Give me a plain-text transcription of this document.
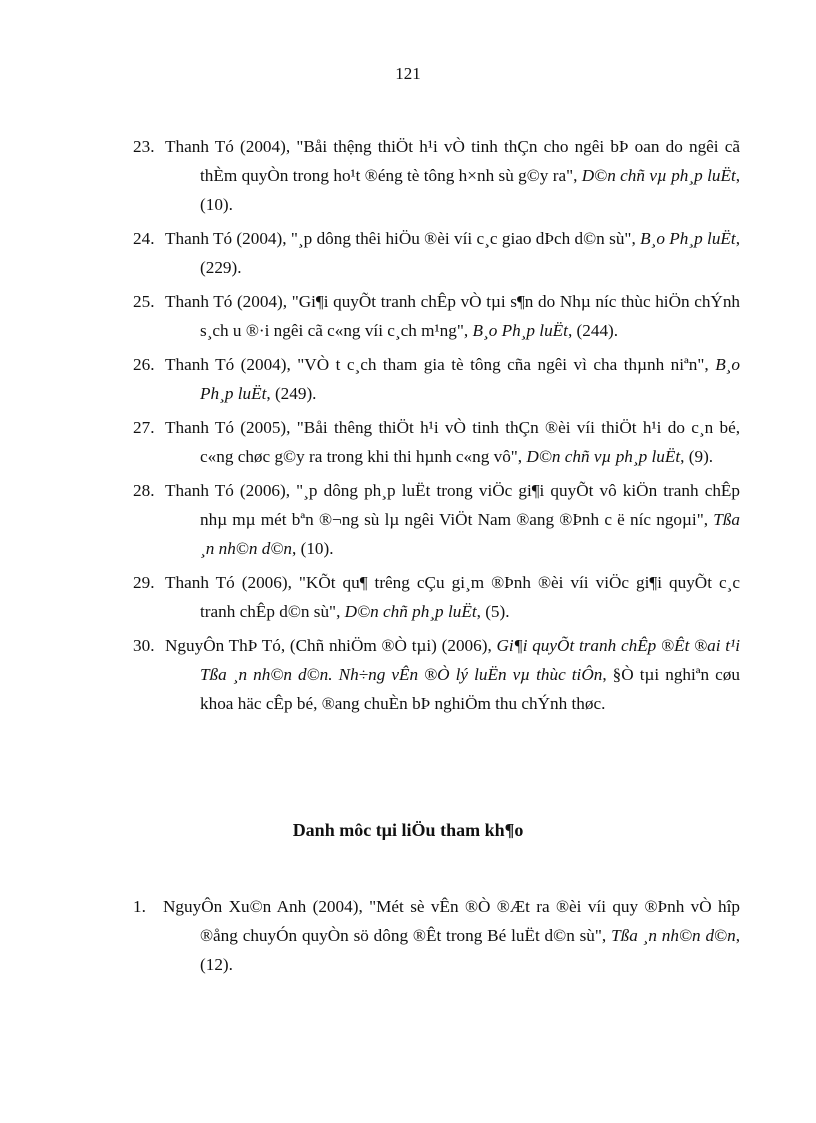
121
23. Thanh Tó (2004), "Båi thệng thiÖt h¹i vÒ tinh thÇn cho ngêi bÞ oan do ngêi cã thÈm quyÒn trong ho¹t ®éng tè tông h×nh sù g©y ra", D©n chñ vµ ph¸p luËt, (10).
24. Thanh Tó (2004), "¸p dông thêi hiÖu ®èi víi c¸c giao dÞch d©n sù", B¸o Ph¸p luËt, (229).
25. Thanh Tó (2004), "Gi¶i quyÕt tranh chÊp vÒ tµi s¶n do Nhµ níc thùc hiÖn chÝnh s¸ch u ®·i ngêi cã c«ng víi c¸ch m¹ng", B¸o Ph¸p luËt, (244).
26. Thanh Tó (2004), "VÒ t c¸ch tham gia tè tông cña ngêi vì cha thµnh niªn", B¸o Ph¸p luËt, (249).
27. Thanh Tó (2005), "Båi thêng thiÖt h¹i vÒ tinh thÇn ®èi víi thiÖt h¹i do c¸n bé, c«ng chøc g©y ra trong khi thi hµnh c«ng vô", D©n chñ vµ ph¸p luËt, (9).
28. Thanh Tó (2006), "¸p dông ph¸p luËt trong viÖc gi¶i quyÕt vô kiÖn tranh chÊp nhµ mµ mét bªn ®¬ng sù lµ ngêi ViÖt Nam ®ang ®Þnh c ë níc ngoµi", Tßa ¸n nh©n d©n, (10).
29. Thanh Tó (2006), "KÕt qu¶ trêng cÇu gi¸m ®Þnh ®èi víi viÖc gi¶i quyÕt c¸c tranh chÊp d©n sù", D©n chñ ph¸p luËt, (5).
30. NguyÔn ThÞ Tó, (Chñ nhiÖm ®Ò tµi) (2006), Gi¶i quyÕt tranh chÊp ®Êt ®ai t¹i Tßa ¸n nh©n d©n. Nh÷ng vÊn ®Ò lý luËn vµ thùc tiÔn, §Ò tµi nghiªn cøu khoa häc cÊp bé, ®ang chuÈn bÞ nghiÖm thu chÝnh thøc.
Danh môc tµi liÖu tham kh¶o
1. NguyÔn Xu©n Anh (2004), "Mét sè vÊn ®Ò ®Æt ra ®èi víi quy ®Þnh vÒ hîp ®ång chuyÓn quyÒn sö dông ®Êt trong Bé luËt d©n sù", Tßa ¸n nh©n d©n, (12).
